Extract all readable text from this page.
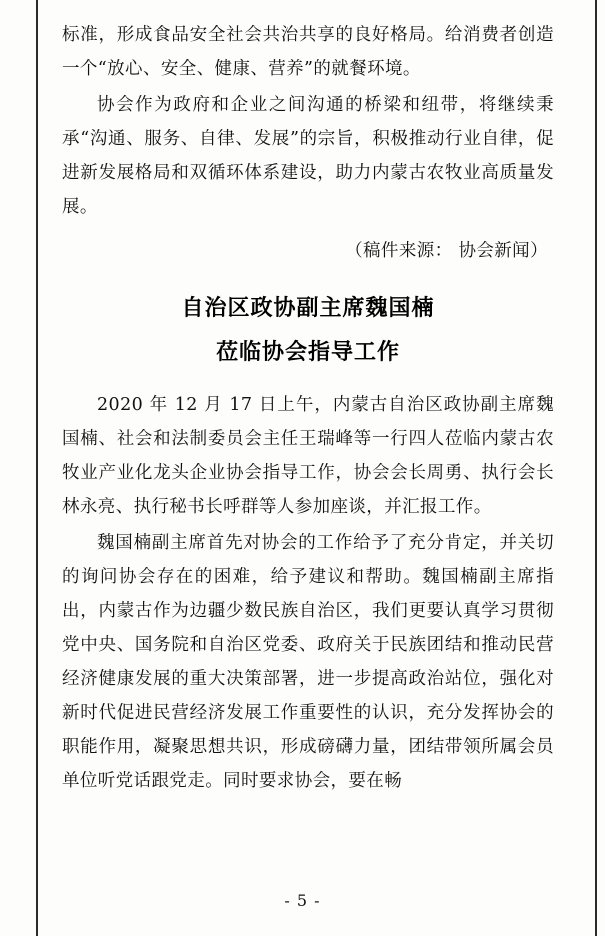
标准，形成食品安全社会共治共享的良好格局。给消费者创造一个“放心、安全、健康、营养”的就餐环境。

协会作为政府和企业之间沟通的桥梁和纽带，将继续秉承“沟通、服务、自律、发展”的宗旨，积极推动行业自律，促进新发展格局和双循环体系建设，助力内蒙古农牧业高质量发展。

（稿件来源： 协会新闻）

自治区政协副主席魏国楠
莅临协会指导工作

2020 年 12 月 17 日上午，内蒙古自治区政协副主席魏国楠、社会和法制委员会主任王瑞峰等一行四人莅临内蒙古农牧业产业化龙头企业协会指导工作，协会会长周勇、执行会长林永亮、执行秘书长呼群等人参加座谈，并汇报工作。

魏国楠副主席首先对协会的工作给予了充分肯定，并关切的询问协会存在的困难，给予建议和帮助。魏国楠副主席指出，内蒙古作为边疆少数民族自治区，我们更要认真学习贯彻党中央、国务院和自治区党委、政府关于民族团结和推动民营经济健康发展的重大决策部署，进一步提高政治站位，强化对新时代促进民营经济发展工作重要性的认识，充分发挥协会的职能作用，凝聚思想共识，形成磅礴力量，团结带领所属会员单位听党话跟党走。同时要求协会，要在畅

- 5 -
